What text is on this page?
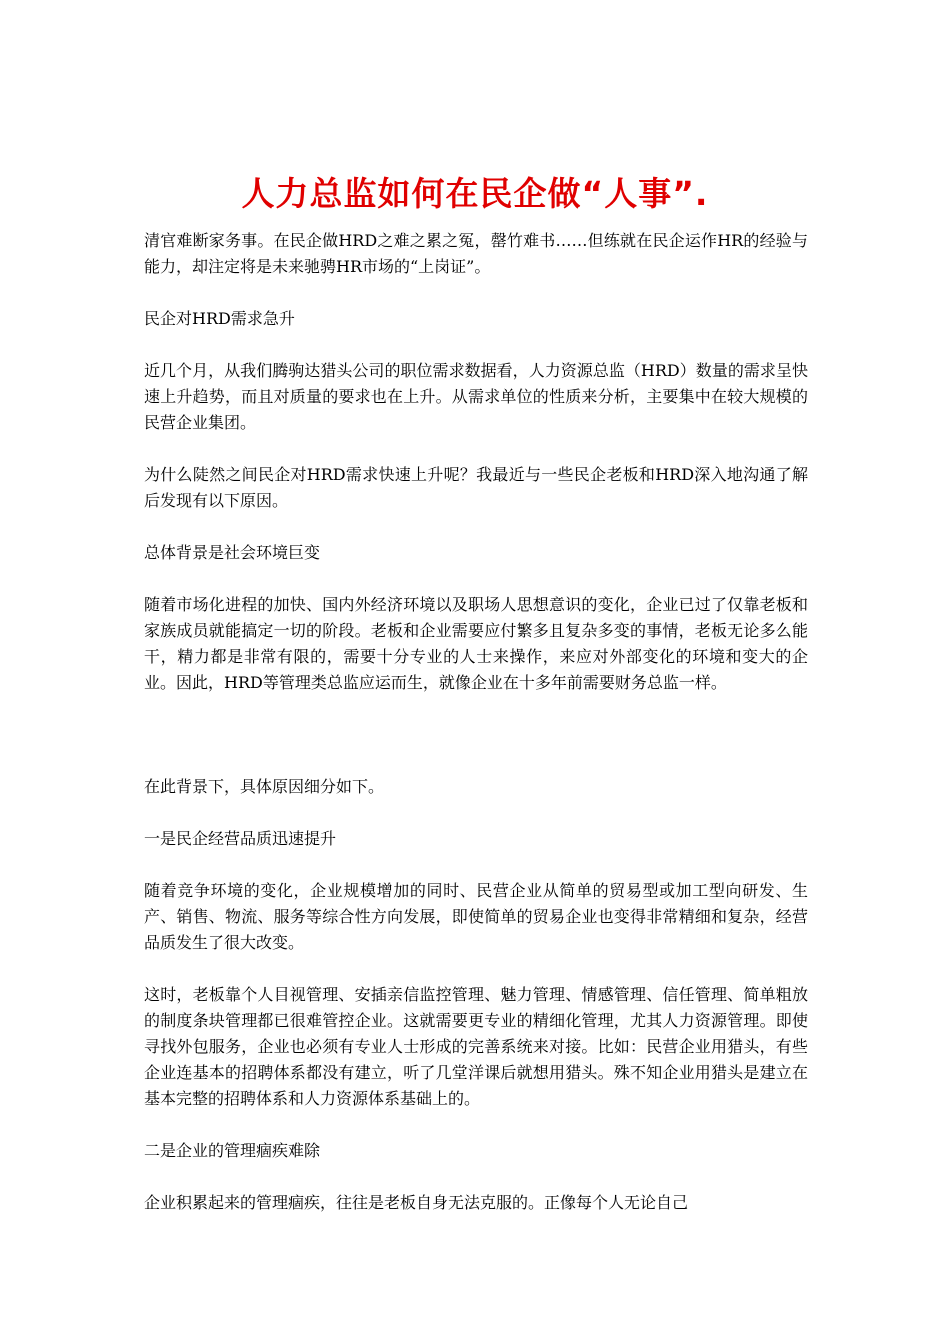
人力总监如何在民企做“人事”.

清官难断家务事。在民企做HRD之难之累之冤，罄竹难书……但练就在民企运作HR的经验与能力，却注定将是未来驰骋HR市场的“上岗证”。

民企对HRD需求急升

近几个月，从我们腾驹达猎头公司的职位需求数据看，人力资源总监（HRD）数量的需求呈快速上升趋势，而且对质量的要求也在上升。从需求单位的性质来分析，主要集中在较大规模的民营企业集团。

为什么陡然之间民企对HRD需求快速上升呢？我最近与一些民企老板和HRD深入地沟通了解后发现有以下原因。

总体背景是社会环境巨变

随着市场化进程的加快、国内外经济环境以及职场人思想意识的变化，企业已过了仅靠老板和家族成员就能搞定一切的阶段。老板和企业需要应付繁多且复杂多变的事情，老板无论多么能干，精力都是非常有限的，需要十分专业的人士来操作，来应对外部变化的环境和变大的企业。因此，HRD等管理类总监应运而生，就像企业在十多年前需要财务总监一样。

在此背景下，具体原因细分如下。

一是民企经营品质迅速提升

随着竞争环境的变化，企业规模增加的同时、民营企业从简单的贸易型或加工型向研发、生产、销售、物流、服务等综合性方向发展，即使简单的贸易企业也变得非常精细和复杂，经营品质发生了很大改变。

这时，老板靠个人目视管理、安插亲信监控管理、魅力管理、情感管理、信任管理、简单粗放的制度条块管理都已很难管控企业。这就需要更专业的精细化管理，尤其人力资源管理。即使寻找外包服务，企业也必须有专业人士形成的完善系统来对接。比如：民营企业用猎头，有些企业连基本的招聘体系都没有建立，听了几堂洋课后就想用猎头。殊不知企业用猎头是建立在基本完整的招聘体系和人力资源体系基础上的。

二是企业的管理痼疾难除

企业积累起来的管理痼疾，往往是老板自身无法克服的。正像每个人无论自己
